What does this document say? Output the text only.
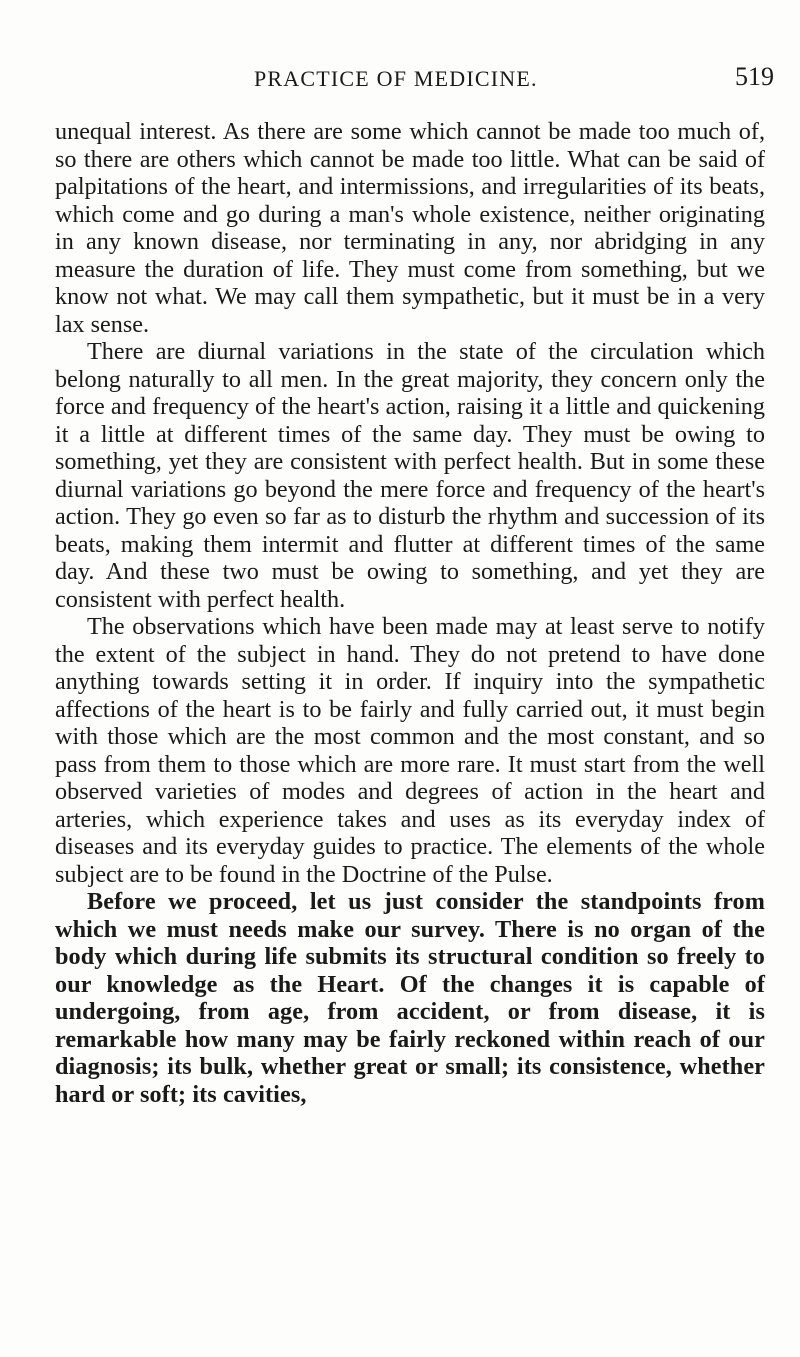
PRACTICE OF MEDICINE.	519

unequal interest. As there are some which cannot be made too much of, so there are others which cannot be made too little. What can be said of palpitations of the heart, and intermissions, and irregularities of its beats, which come and go during a man's whole existence, neither originating in any known disease, nor terminating in any, nor abridging in any measure the duration of life. They must come from something, but we know not what. We may call them sympathetic, but it must be in a very lax sense.

There are diurnal variations in the state of the circulation which belong naturally to all men. In the great majority, they concern only the force and frequency of the heart's action, raising it a little and quickening it a little at different times of the same day. They must be owing to something, yet they are consistent with perfect health. But in some these diurnal variations go beyond the mere force and frequency of the heart's action. They go even so far as to disturb the rhythm and succession of its beats, making them intermit and flutter at different times of the same day. And these two must be owing to something, and yet they are consistent with perfect health.

The observations which have been made may at least serve to notify the extent of the subject in hand. They do not pretend to have done anything towards setting it in order. If inquiry into the sympathetic affections of the heart is to be fairly and fully carried out, it must begin with those which are the most common and the most constant, and so pass from them to those which are more rare. It must start from the well observed varieties of modes and degrees of action in the heart and arteries, which experience takes and uses as its everyday index of diseases and its everyday guides to practice. The elements of the whole subject are to be found in the Doctrine of the Pulse.

Before we proceed, let us just consider the standpoints from which we must needs make our survey. There is no organ of the body which during life submits its structural condition so freely to our knowledge as the Heart. Of the changes it is capable of undergoing, from age, from accident, or from disease, it is remarkable how many may be fairly reckoned within reach of our diagnosis; its bulk, whether great or small; its consistence, whether hard or soft; its cavities,
